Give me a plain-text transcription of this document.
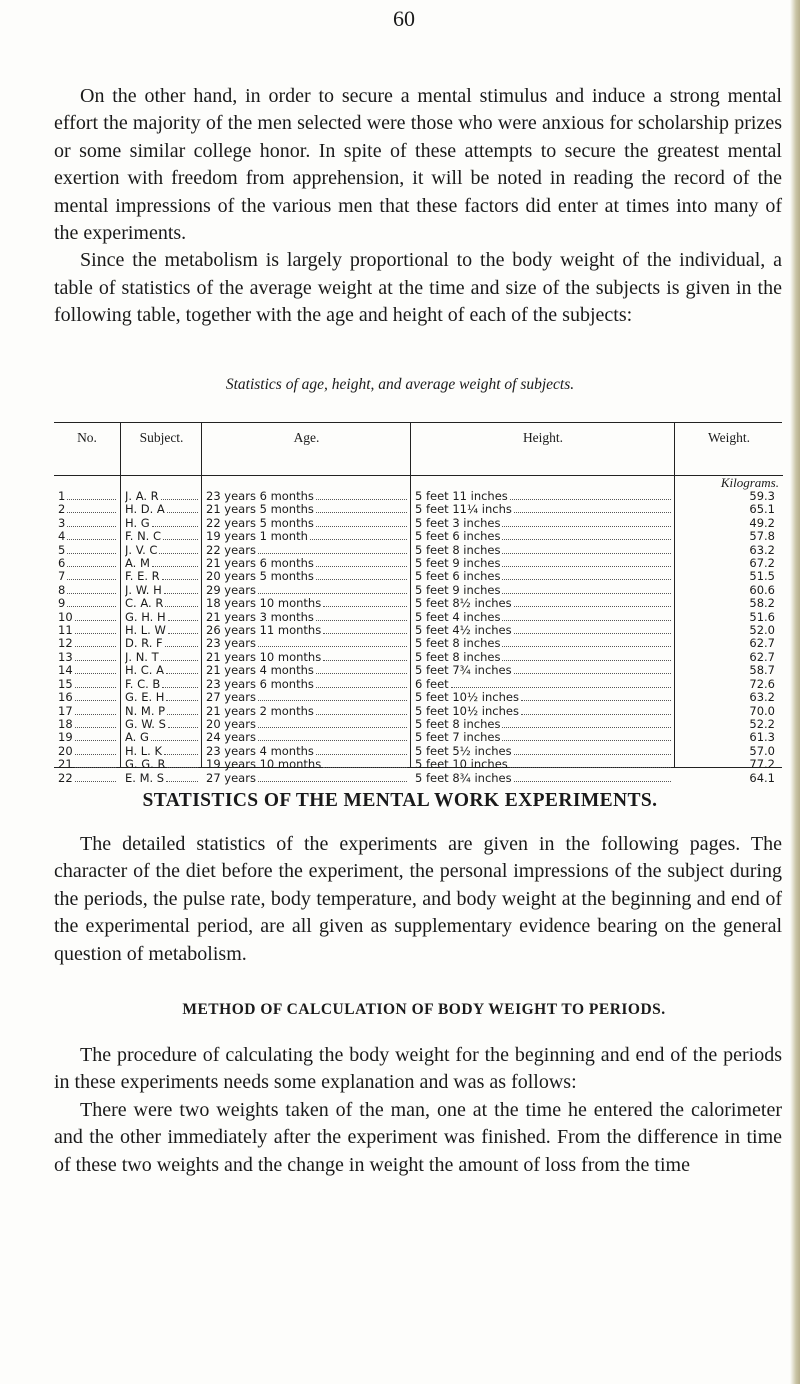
60

On the other hand, in order to secure a mental stimulus and induce a strong mental effort the majority of the men selected were those who were anxious for scholarship prizes or some similar college honor. In spite of these attempts to secure the greatest mental exertion with freedom from apprehension, it will be noted in reading the record of the mental impressions of the various men that these factors did enter at times into many of the experiments.

Since the metabolism is largely proportional to the body weight of the individual, a table of statistics of the average weight at the time and size of the subjects is given in the following table, together with the age and height of each of the subjects:

Statistics of age, height, and average weight of subjects.
No.
1
2
3
4
5
6
7
8
9
10
11
12
13
14
15
16
17
18
19
20
21
22
Subject.
J. A. R
H. D. A
H. G
F. N. C
J. V. C
A. M
F. E. R
J. W. H
C. A. R
G. H. H
H. L. W
D. R. F
J. N. T
H. C. A
F. C. B
G. E. H
N. M. P
G. W. S
A. G
H. L. K
G. G. R
E. M. S
Age.
23 years 6 months
21 years 5 months
22 years 5 months
19 years 1 month
22 years
21 years 6 months
20 years 5 months
29 years
18 years 10 months
21 years 3 months
26 years 11 months
23 years
21 years 10 months
21 years 4 months
23 years 6 months
27 years
21 years 2 months
20 years
24 years
23 years 4 months
19 years 10 months
27 years
Height.
5 feet 11 inches
5 feet 11¼ inchs
5 feet 3 inches
5 feet 6 inches
5 feet 8 inches
5 feet 9 inches
5 feet 6 inches
5 feet 9 inches
5 feet 8½ inches
5 feet 4 inches
5 feet 4½ inches
5 feet 8 inches
5 feet 8 inches
5 feet 7¾ inches
6 feet
5 feet 10½ inches
5 feet 10½ inches
5 feet 8 inches
5 feet 7 inches
5 feet 5½ inches
5 feet 10 inches
5 feet 8¾ inches
Weight.
Kilograms.
59.3
65.1
49.2
57.8
63.2
67.2
51.5
60.6
58.2
51.6
52.0
62.7
62.7
58.7
72.6
63.2
70.0
52.2
61.3
57.0
77.2
64.1
STATISTICS OF THE MENTAL WORK EXPERIMENTS.

The detailed statistics of the experiments are given in the following pages. The character of the diet before the experiment, the personal impressions of the subject during the periods, the pulse rate, body temperature, and body weight at the beginning and end of the experimental period, are all given as supplementary evidence bearing on the general question of metabolism.

METHOD OF CALCULATION OF BODY WEIGHT TO PERIODS.

The procedure of calculating the body weight for the beginning and end of the periods in these experiments needs some explanation and was as follows:

There were two weights taken of the man, one at the time he entered the calorimeter and the other immediately after the experiment was finished. From the difference in time of these two weights and the change in weight the amount of loss from the time
